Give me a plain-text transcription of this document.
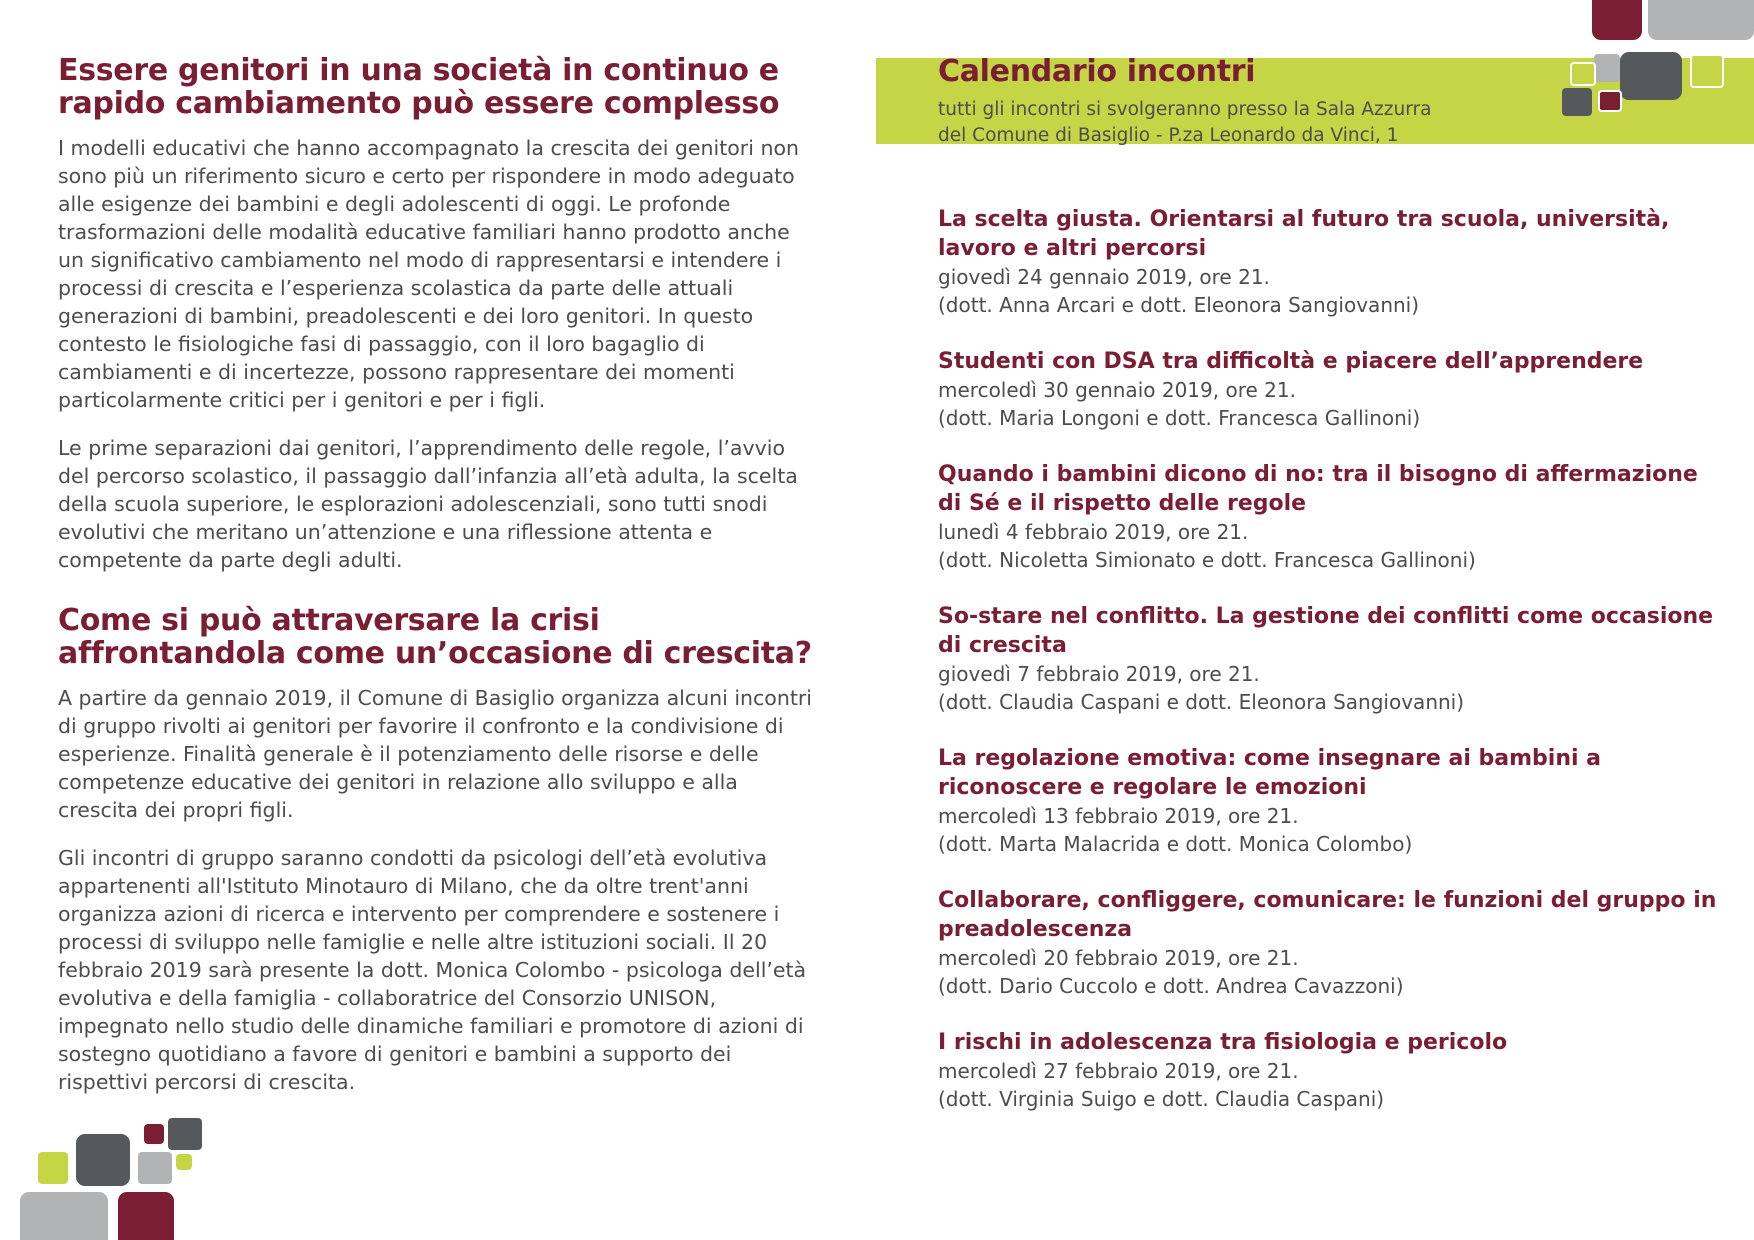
Essere genitori in una società in continuo e rapido cambiamento può essere complesso

I modelli educativi che hanno accompagnato la crescita dei genitori non sono più un riferimento sicuro e certo per rispondere in modo adeguato alle esigenze dei bambini e degli adolescenti di oggi. Le profonde trasformazioni delle modalità educative familiari hanno prodotto anche un significativo cambiamento nel modo di rappresentarsi e intendere i processi di crescita e l’esperienza scolastica da parte delle attuali generazioni di bambini, preadolescenti e dei loro genitori. In questo contesto le fisiologiche fasi di passaggio, con il loro bagaglio di cambiamenti e di incertezze, possono rappresentare dei momenti particolarmente critici per i genitori e per i figli.

Le prime separazioni dai genitori, l’apprendimento delle regole, l’avvio del percorso scolastico, il passaggio dall’infanzia all’età adulta, la scelta della scuola superiore, le esplorazioni adolescenziali, sono tutti snodi evolutivi che meritano un’attenzione e una riflessione attenta e competente da parte degli adulti.

Come si può attraversare la crisi affrontandola come un’occasione di crescita?

A partire da gennaio 2019, il Comune di Basiglio organizza alcuni incontri di gruppo rivolti ai genitori per favorire il confronto e la condivisione di esperienze. Finalità generale è il potenziamento delle risorse e delle competenze educative dei genitori in relazione allo sviluppo e alla crescita dei propri figli.

Gli incontri di gruppo saranno condotti da psicologi dell’età evolutiva appartenenti all'Istituto Minotauro di Milano, che da oltre trent'anni organizza azioni di ricerca e intervento per comprendere e sostenere i processi di sviluppo nelle famiglie e nelle altre istituzioni sociali. Il 20 febbraio 2019 sarà presente la dott. Monica Colombo - psicologa dell’età evolutiva e della famiglia - collaboratrice del Consorzio UNISON, impegnato nello studio delle dinamiche familiari e promotore di azioni di sostegno quotidiano a favore di genitori e bambini a supporto dei rispettivi percorsi di crescita.

Calendario incontri
tutti gli incontri si svolgeranno presso la Sala Azzurra
del Comune di Basiglio - P.za Leonardo da Vinci, 1

La scelta giusta. Orientarsi al futuro tra scuola, università, lavoro e altri percorsi

giovedì 24 gennaio 2019, ore 21.

(dott. Anna Arcari e dott. Eleonora Sangiovanni)

Studenti con DSA tra difficoltà e piacere dell’apprendere

mercoledì 30 gennaio 2019, ore 21.

(dott. Maria Longoni e dott. Francesca Gallinoni)

Quando i bambini dicono di no: tra il bisogno di affermazione di Sé e il rispetto delle regole

lunedì 4 febbraio 2019, ore 21.

(dott. Nicoletta Simionato e dott. Francesca Gallinoni)

So-stare nel conflitto. La gestione dei conflitti come occasione di crescita

giovedì 7 febbraio 2019, ore 21.

(dott. Claudia Caspani e dott. Eleonora Sangiovanni)

La regolazione emotiva: come insegnare ai bambini a riconoscere e regolare le emozioni

mercoledì 13 febbraio 2019, ore 21.

(dott. Marta Malacrida e dott. Monica Colombo)

Collaborare, confliggere, comunicare: le funzioni del gruppo in preadolescenza

mercoledì 20 febbraio 2019, ore 21.

(dott. Dario Cuccolo e dott. Andrea Cavazzoni)

I rischi in adolescenza tra fisiologia e pericolo

mercoledì 27 febbraio 2019, ore 21.

(dott. Virginia Suigo e dott. Claudia Caspani)
